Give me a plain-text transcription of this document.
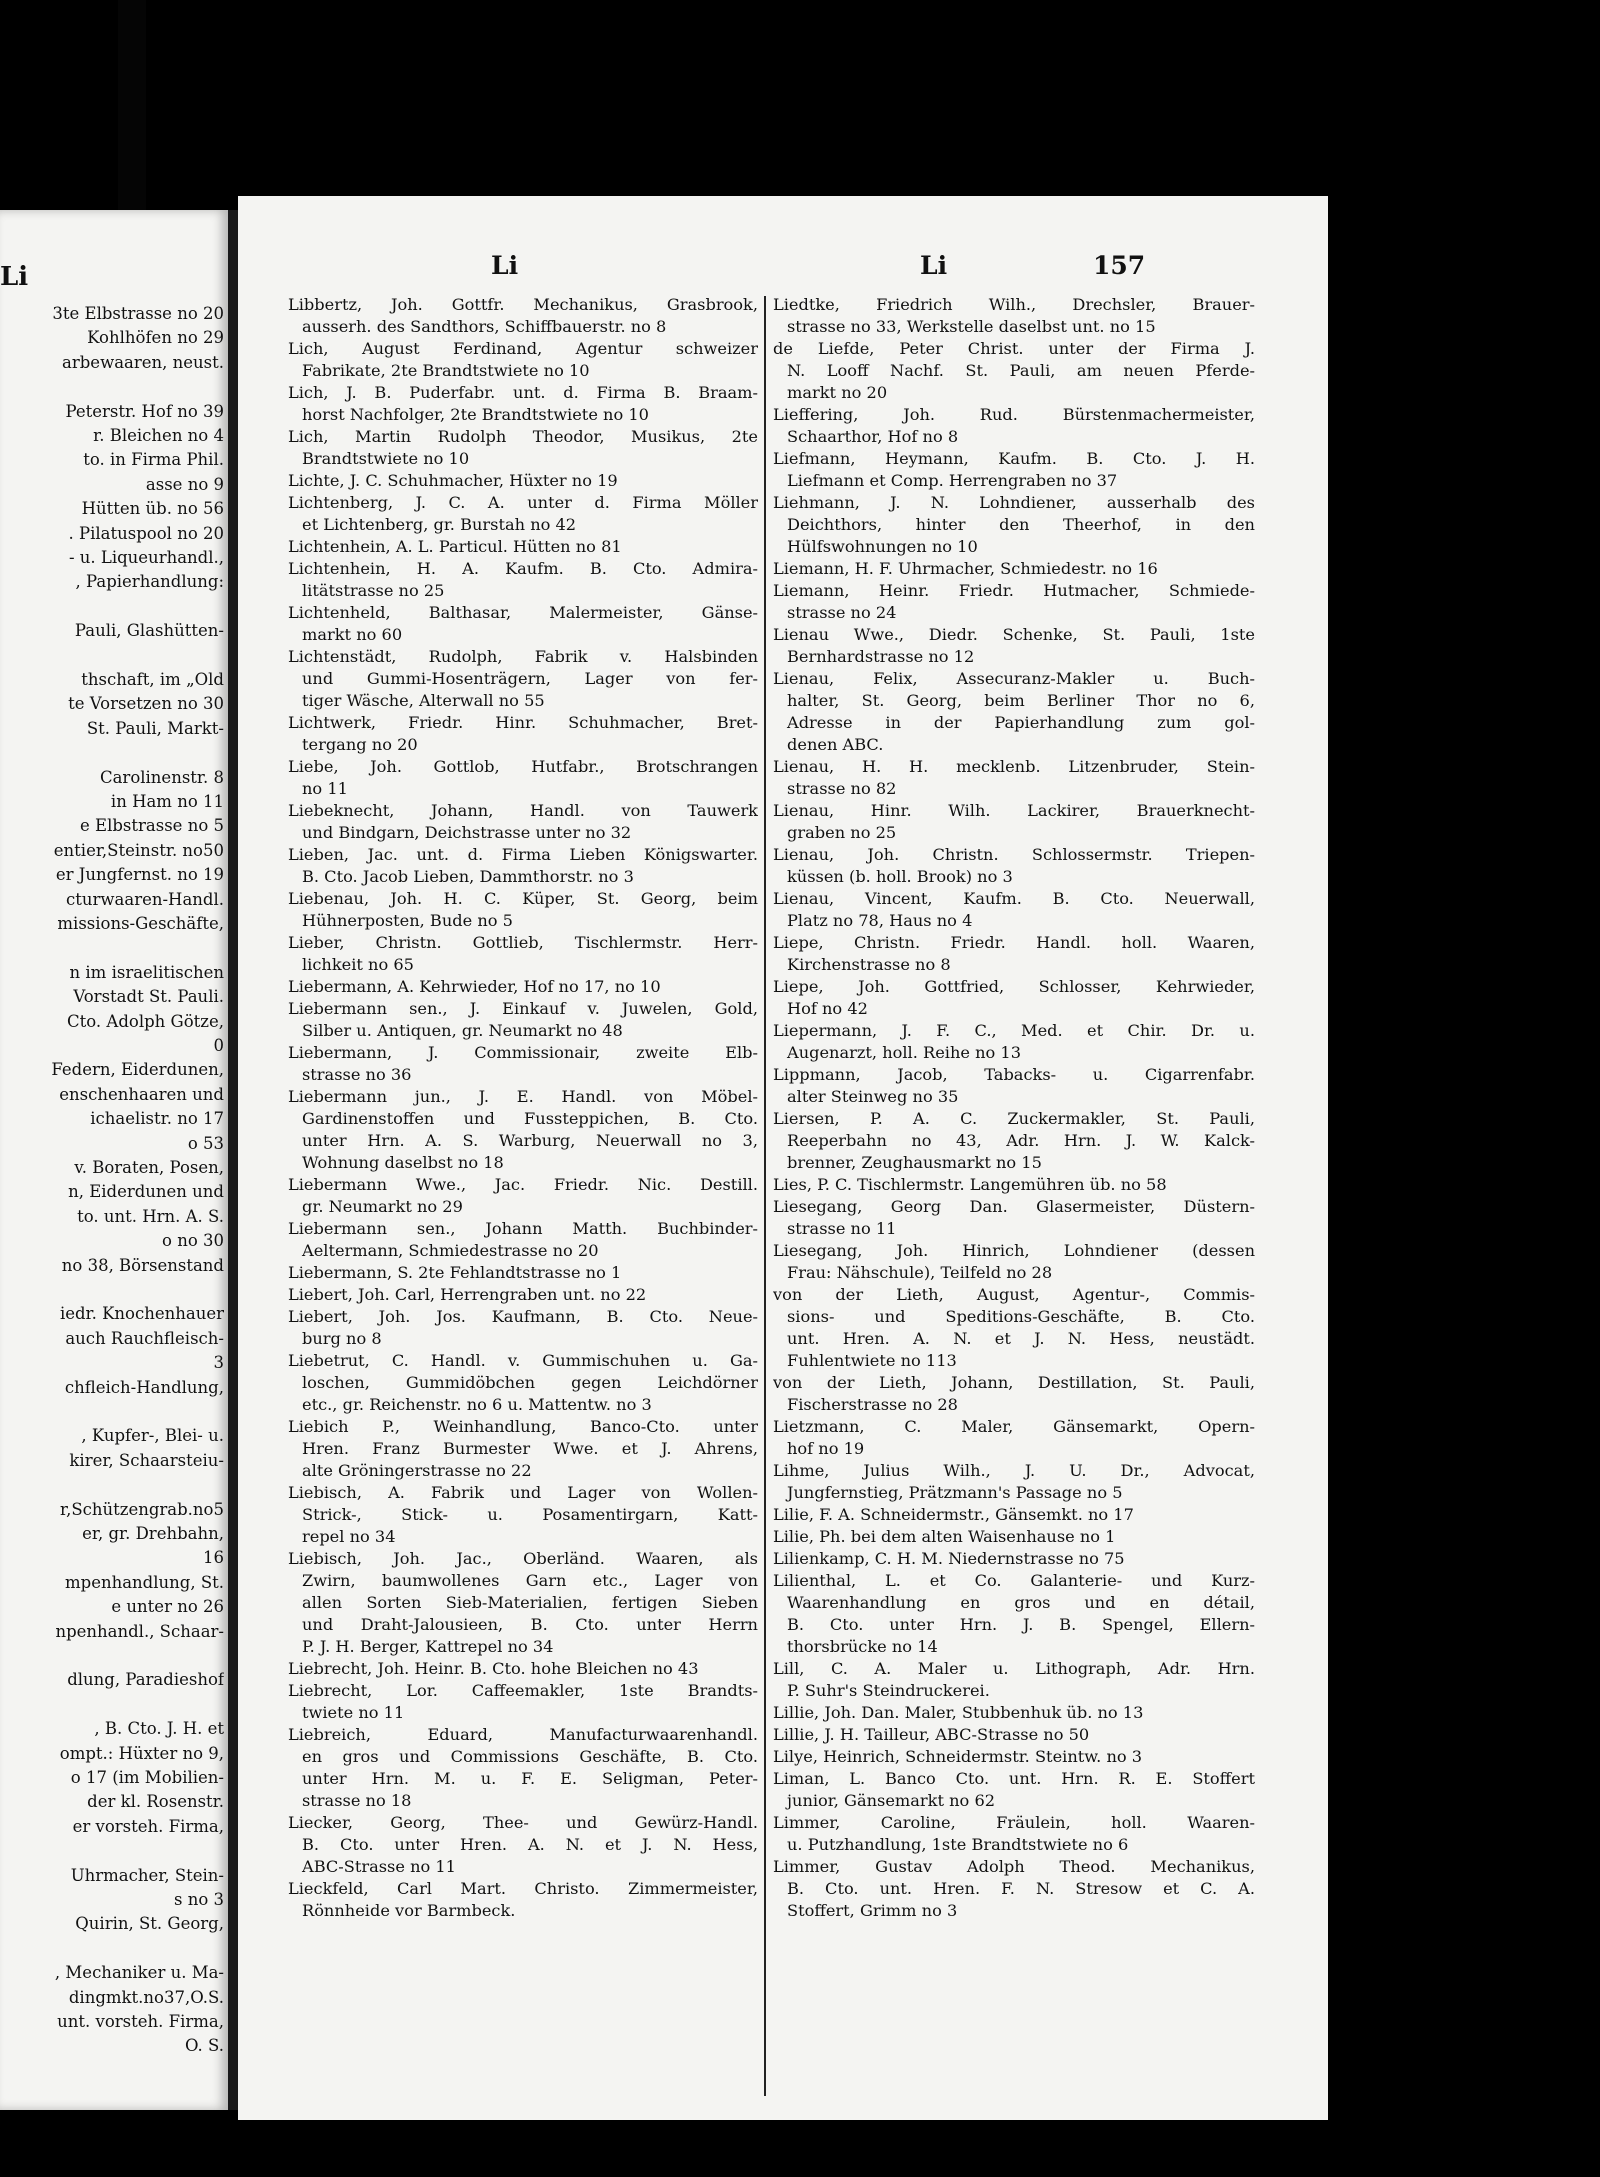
Li
3te Elbstrasse no 20
Kohlhöfen no 29
arbewaaren, neust.
Peterstr. Hof no 39
r. Bleichen no 4
to. in Firma Phil.
asse no 9
Hütten üb. no 56
. Pilatuspool no 20
- u. Liqueurhandl.,
, Papierhandlung:
Pauli, Glashütten-
thschaft, im „Old
te Vorsetzen no 30
St. Pauli, Markt-
Carolinenstr. 8
in Ham no 11
e Elbstrasse no 5
entier,Steinstr. no50
er Jungfernst. no 19
cturwaaren-Handl.
missions-Geschäfte,
n im israelitischen
Vorstadt St. Pauli.
Cto. Adolph Götze,
0
Federn, Eiderdunen,
enschenhaaren und
ichaelistr. no 17
o 53
v. Boraten, Posen,
n, Eiderdunen und
to. unt. Hrn. A. S.
o no 30
no 38, Börsenstand
iedr. Knochenhauer
auch Rauchfleisch-
3
chfleich-Handlung,
, Kupfer-, Blei- u.
kirer, Schaarsteiu-
r,Schützengrab.no5
er, gr. Drehbahn,
16
mpenhandlung, St.
e unter no 26
npenhandl., Schaar-
dlung, Paradieshof
, B. Cto. J. H. et
ompt.: Hüxter no 9,
o 17 (im Mobilien-
der kl. Rosenstr.
er vorsteh. Firma,
Uhrmacher, Stein-
s no 3
Quirin, St. Georg,
, Mechaniker u. Ma-
dingmkt.no37,O.S.
unt. vorsteh. Firma,
O. S.
Li	Li	157
Libbertz, Joh. Gottfr. Mechanikus, Grasbrook,
ausserh. des Sandthors, Schiffbauerstr. no 8
Lich, August Ferdinand, Agentur schweizer
Fabrikate, 2te Brandtstwiete no 10
Lich, J. B. Puderfabr. unt. d. Firma B. Braam-
horst Nachfolger, 2te Brandtstwiete no 10
Lich, Martin Rudolph Theodor, Musikus, 2te
Brandtstwiete no 10
Lichte, J. C. Schuhmacher, Hüxter no 19
Lichtenberg, J. C. A. unter d. Firma Möller
et Lichtenberg, gr. Burstah no 42
Lichtenhein, A. L. Particul. Hütten no 81
Lichtenhein, H. A. Kaufm. B. Cto. Admira-
litätstrasse no 25
Lichtenheld, Balthasar, Malermeister, Gänse-
markt no 60
Lichtenstädt, Rudolph, Fabrik v. Halsbinden
und Gummi-Hosenträgern, Lager von fer-
tiger Wäsche, Alterwall no 55
Lichtwerk, Friedr. Hinr. Schuhmacher, Bret-
tergang no 20
Liebe, Joh. Gottlob, Hutfabr., Brotschrangen
no 11
Liebeknecht, Johann, Handl. von Tauwerk
und Bindgarn, Deichstrasse unter no 32
Lieben, Jac. unt. d. Firma Lieben Königswarter.
B. Cto. Jacob Lieben, Dammthorstr. no 3
Liebenau, Joh. H. C. Küper, St. Georg, beim
Hühnerposten, Bude no 5
Lieber, Christn. Gottlieb, Tischlermstr. Herr-
lichkeit no 65
Liebermann, A. Kehrwieder, Hof no 17, no 10
Liebermann sen., J. Einkauf v. Juwelen, Gold,
Silber u. Antiquen, gr. Neumarkt no 48
Liebermann, J. Commissionair, zweite Elb-
strasse no 36
Liebermann jun., J. E. Handl. von Möbel-
Gardinenstoffen und Fussteppichen, B. Cto.
unter Hrn. A. S. Warburg, Neuerwall no 3,
Wohnung daselbst no 18
Liebermann Wwe., Jac. Friedr. Nic. Destill.
gr. Neumarkt no 29
Liebermann sen., Johann Matth. Buchbinder-
Aeltermann, Schmiedestrasse no 20
Liebermann, S. 2te Fehlandtstrasse no 1
Liebert, Joh. Carl, Herrengraben unt. no 22
Liebert, Joh. Jos. Kaufmann, B. Cto. Neue-
burg no 8
Liebetrut, C. Handl. v. Gummischuhen u. Ga-
loschen, Gummidöbchen gegen Leichdörner
etc., gr. Reichenstr. no 6 u. Mattentw. no 3
Liebich P., Weinhandlung, Banco-Cto. unter
Hren. Franz Burmester Wwe. et J. Ahrens,
alte Gröningerstrasse no 22
Liebisch, A. Fabrik und Lager von Wollen-
Strick-, Stick- u. Posamentirgarn, Katt-
repel no 34
Liebisch, Joh. Jac., Oberländ. Waaren, als
Zwirn, baumwollenes Garn etc., Lager von
allen Sorten Sieb-Materialien, fertigen Sieben
und Draht-Jalousieen, B. Cto. unter Herrn
P. J. H. Berger, Kattrepel no 34
Liebrecht, Joh. Heinr. B. Cto. hohe Bleichen no 43
Liebrecht, Lor. Caffeemakler, 1ste Brandts-
twiete no 11
Liebreich, Eduard, Manufacturwaarenhandl.
en gros und Commissions Geschäfte, B. Cto.
unter Hrn. M. u. F. E. Seligman, Peter-
strasse no 18
Liecker, Georg, Thee- und Gewürz-Handl.
B. Cto. unter Hren. A. N. et J. N. Hess,
ABC-Strasse no 11
Lieckfeld, Carl Mart. Christo. Zimmermeister,
Rönnheide vor Barmbeck.
Liedtke, Friedrich Wilh., Drechsler, Brauer-
strasse no 33, Werkstelle daselbst unt. no 15
de Liefde, Peter Christ. unter der Firma J.
N. Looff Nachf. St. Pauli, am neuen Pferde-
markt no 20
Lieffering, Joh. Rud. Bürstenmachermeister,
Schaarthor, Hof no 8
Liefmann, Heymann, Kaufm. B. Cto. J. H.
Liefmann et Comp. Herrengraben no 37
Liehmann, J. N. Lohndiener, ausserhalb des
Deichthors, hinter den Theerhof, in den
Hülfswohnungen no 10
Liemann, H. F. Uhrmacher, Schmiedestr. no 16
Liemann, Heinr. Friedr. Hutmacher, Schmiede-
strasse no 24
Lienau Wwe., Diedr. Schenke, St. Pauli, 1ste
Bernhardstrasse no 12
Lienau, Felix, Assecuranz-Makler u. Buch-
halter, St. Georg, beim Berliner Thor no 6,
Adresse in der Papierhandlung zum gol-
denen ABC.
Lienau, H. H. mecklenb. Litzenbruder, Stein-
strasse no 82
Lienau, Hinr. Wilh. Lackirer, Brauerknecht-
graben no 25
Lienau, Joh. Christn. Schlossermstr. Triepen-
küssen (b. holl. Brook) no 3
Lienau, Vincent, Kaufm. B. Cto. Neuerwall,
Platz no 78, Haus no 4
Liepe, Christn. Friedr. Handl. holl. Waaren,
Kirchenstrasse no 8
Liepe, Joh. Gottfried, Schlosser, Kehrwieder,
Hof no 42
Liepermann, J. F. C., Med. et Chir. Dr. u.
Augenarzt, holl. Reihe no 13
Lippmann, Jacob, Tabacks- u. Cigarrenfabr.
alter Steinweg no 35
Liersen, P. A. C. Zuckermakler, St. Pauli,
Reeperbahn no 43, Adr. Hrn. J. W. Kalck-
brenner, Zeughausmarkt no 15
Lies, P. C. Tischlermstr. Langemühren üb. no 58
Liesegang, Georg Dan. Glasermeister, Düstern-
strasse no 11
Liesegang, Joh. Hinrich, Lohndiener (dessen
Frau: Nähschule), Teilfeld no 28
von der Lieth, August, Agentur-, Commis-
sions- und Speditions-Geschäfte, B. Cto.
unt. Hren. A. N. et J. N. Hess, neustädt.
Fuhlentwiete no 113
von der Lieth, Johann, Destillation, St. Pauli,
Fischerstrasse no 28
Lietzmann, C. Maler, Gänsemarkt, Opern-
hof no 19
Lihme, Julius Wilh., J. U. Dr., Advocat,
Jungfernstieg, Prätzmann's Passage no 5
Lilie, F. A. Schneidermstr., Gänsemkt. no 17
Lilie, Ph. bei dem alten Waisenhause no 1
Lilienkamp, C. H. M. Niedernstrasse no 75
Lilienthal, L. et Co. Galanterie- und Kurz-
Waarenhandlung en gros und en détail,
B. Cto. unter Hrn. J. B. Spengel, Ellern-
thorsbrücke no 14
Lill, C. A. Maler u. Lithograph, Adr. Hrn.
P. Suhr's Steindruckerei.
Lillie, Joh. Dan. Maler, Stubbenhuk üb. no 13
Lillie, J. H. Tailleur, ABC-Strasse no 50
Lilye, Heinrich, Schneidermstr. Steintw. no 3
Liman, L. Banco Cto. unt. Hrn. R. E. Stoffert
junior, Gänsemarkt no 62
Limmer, Caroline, Fräulein, holl. Waaren-
u. Putzhandlung, 1ste Brandtstwiete no 6
Limmer, Gustav Adolph Theod. Mechanikus,
B. Cto. unt. Hren. F. N. Stresow et C. A.
Stoffert, Grimm no 3
